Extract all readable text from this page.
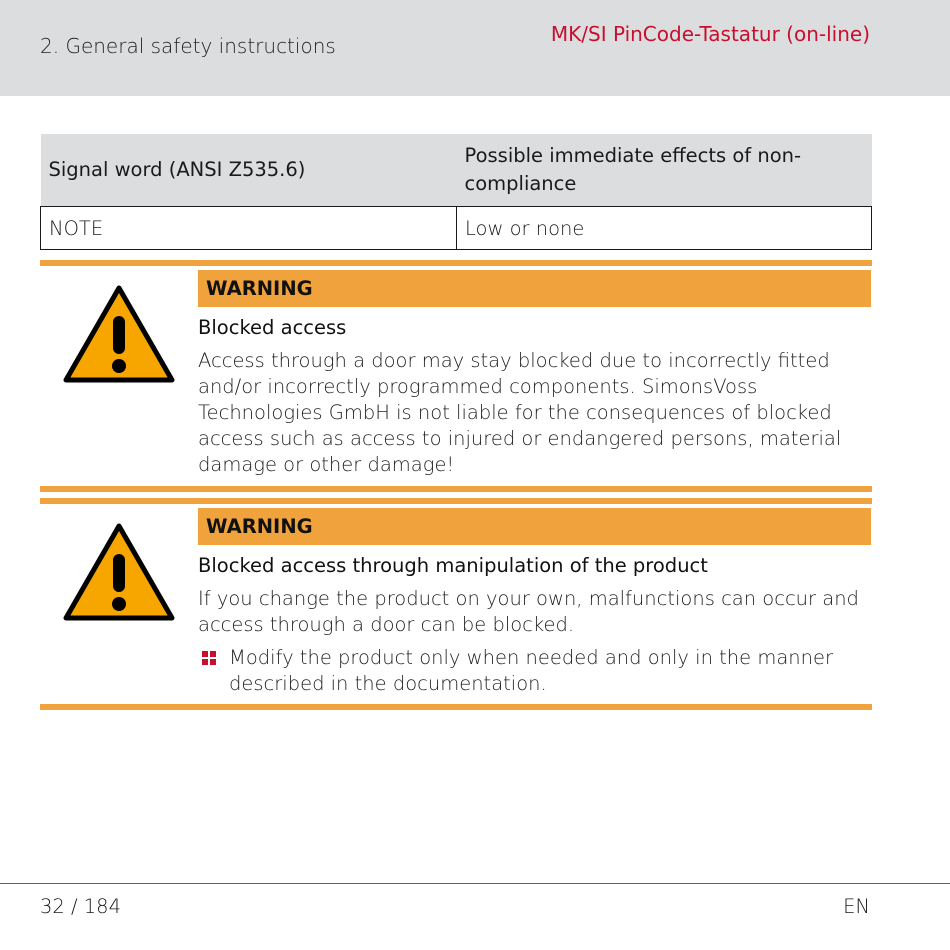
2. General safety instructions	MK/SI PinCode-Tastatur (on-line)
Signal word (ANSI Z535.6)	Possible immediate effects of non-compliance
NOTE	Low or none
WARNING
Blocked access
Access through a door may stay blocked due to incorrectly fitted and/or incorrectly programmed components. SimonsVoss Technologies GmbH is not liable for the consequences of blocked access such as access to injured or endangered persons, material damage or other damage!
WARNING
Blocked access through manipulation of the product
If you change the product on your own, malfunctions can occur and access through a door can be blocked.
Modify the product only when needed and only in the manner described in the documentation.
32 / 184	EN
